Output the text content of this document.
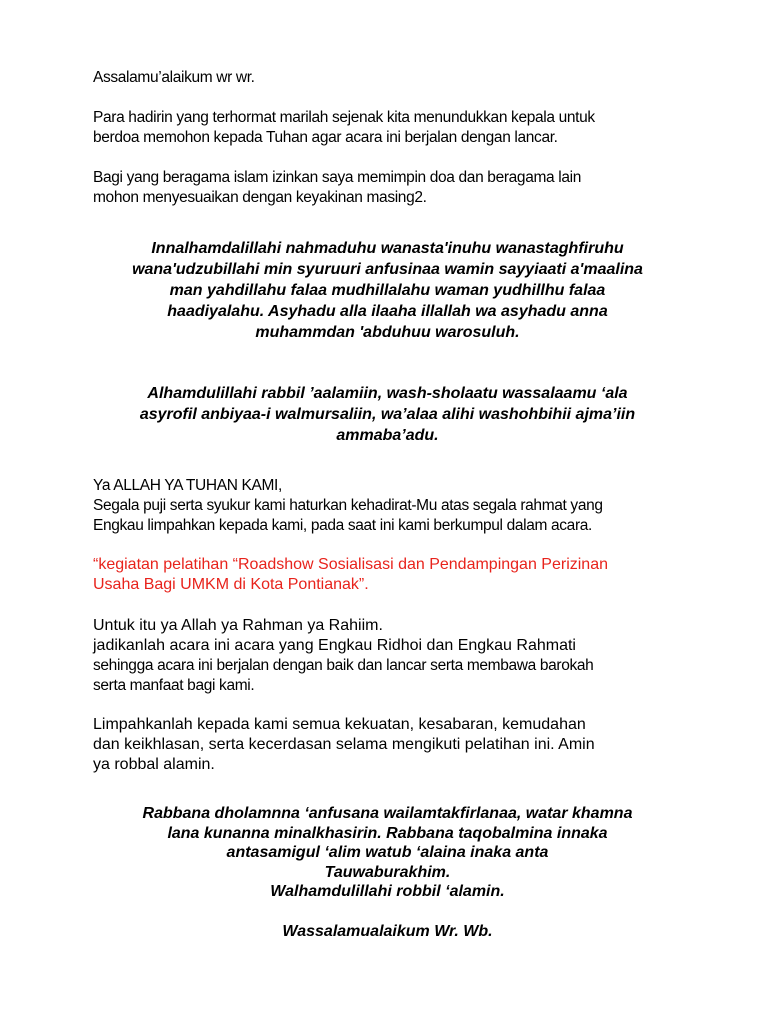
Assalamu’alaikum wr wr.

Para hadirin yang terhormat marilah sejenak kita menundukkan kepala untuk

berdoa memohon kepada Tuhan agar acara ini berjalan dengan lancar.

Bagi yang beragama islam izinkan saya memimpin doa dan beragama lain

mohon menyesuaikan dengan keyakinan masing2.

Innalhamdalillahi nahmaduhu wanasta'inuhu wanastaghfiruhu

wana'udzubillahi min syuruuri anfusinaa wamin sayyiaati a'maalina

man yahdillahu falaa mudhillalahu waman yudhillhu falaa

haadiyalahu. Asyhadu alla ilaaha illallah wa asyhadu anna

muhammdan 'abduhuu warosuluh.

Alhamdulillahi rabbil ’aalamiin, wash-sholaatu wassalaamu ‘ala

asyrofil anbiyaa-i walmursaliin, wa’alaa alihi washohbihii ajma’iin

ammaba’adu.

Ya ALLAH YA TUHAN KAMI,

Segala puji serta syukur kami haturkan kehadirat-Mu atas segala rahmat yang

Engkau limpahkan kepada kami, pada saat ini kami berkumpul dalam acara.

“kegiatan pelatihan “Roadshow Sosialisasi dan Pendampingan Perizinan

Usaha Bagi UMKM di Kota Pontianak”.

Untuk itu ya Allah ya Rahman ya Rahiim.

jadikanlah acara ini acara yang Engkau Ridhoi dan Engkau Rahmati

sehingga acara ini berjalan dengan baik dan lancar serta membawa barokah

serta manfaat bagi kami.

Limpahkanlah kepada kami semua kekuatan, kesabaran, kemudahan

dan keikhlasan, serta kecerdasan selama mengikuti pelatihan ini. Amin

ya robbal alamin.

Rabbana dholamnna ‘anfusana wailamtakfirlanaa, watar khamna

lana kunanna minalkhasirin. Rabbana taqobalmina innaka

antasamigul ‘alim watub ‘alaina inaka anta

Tauwaburakhim.

Walhamdulillahi robbil ‘alamin.

Wassalamualaikum Wr. Wb.
